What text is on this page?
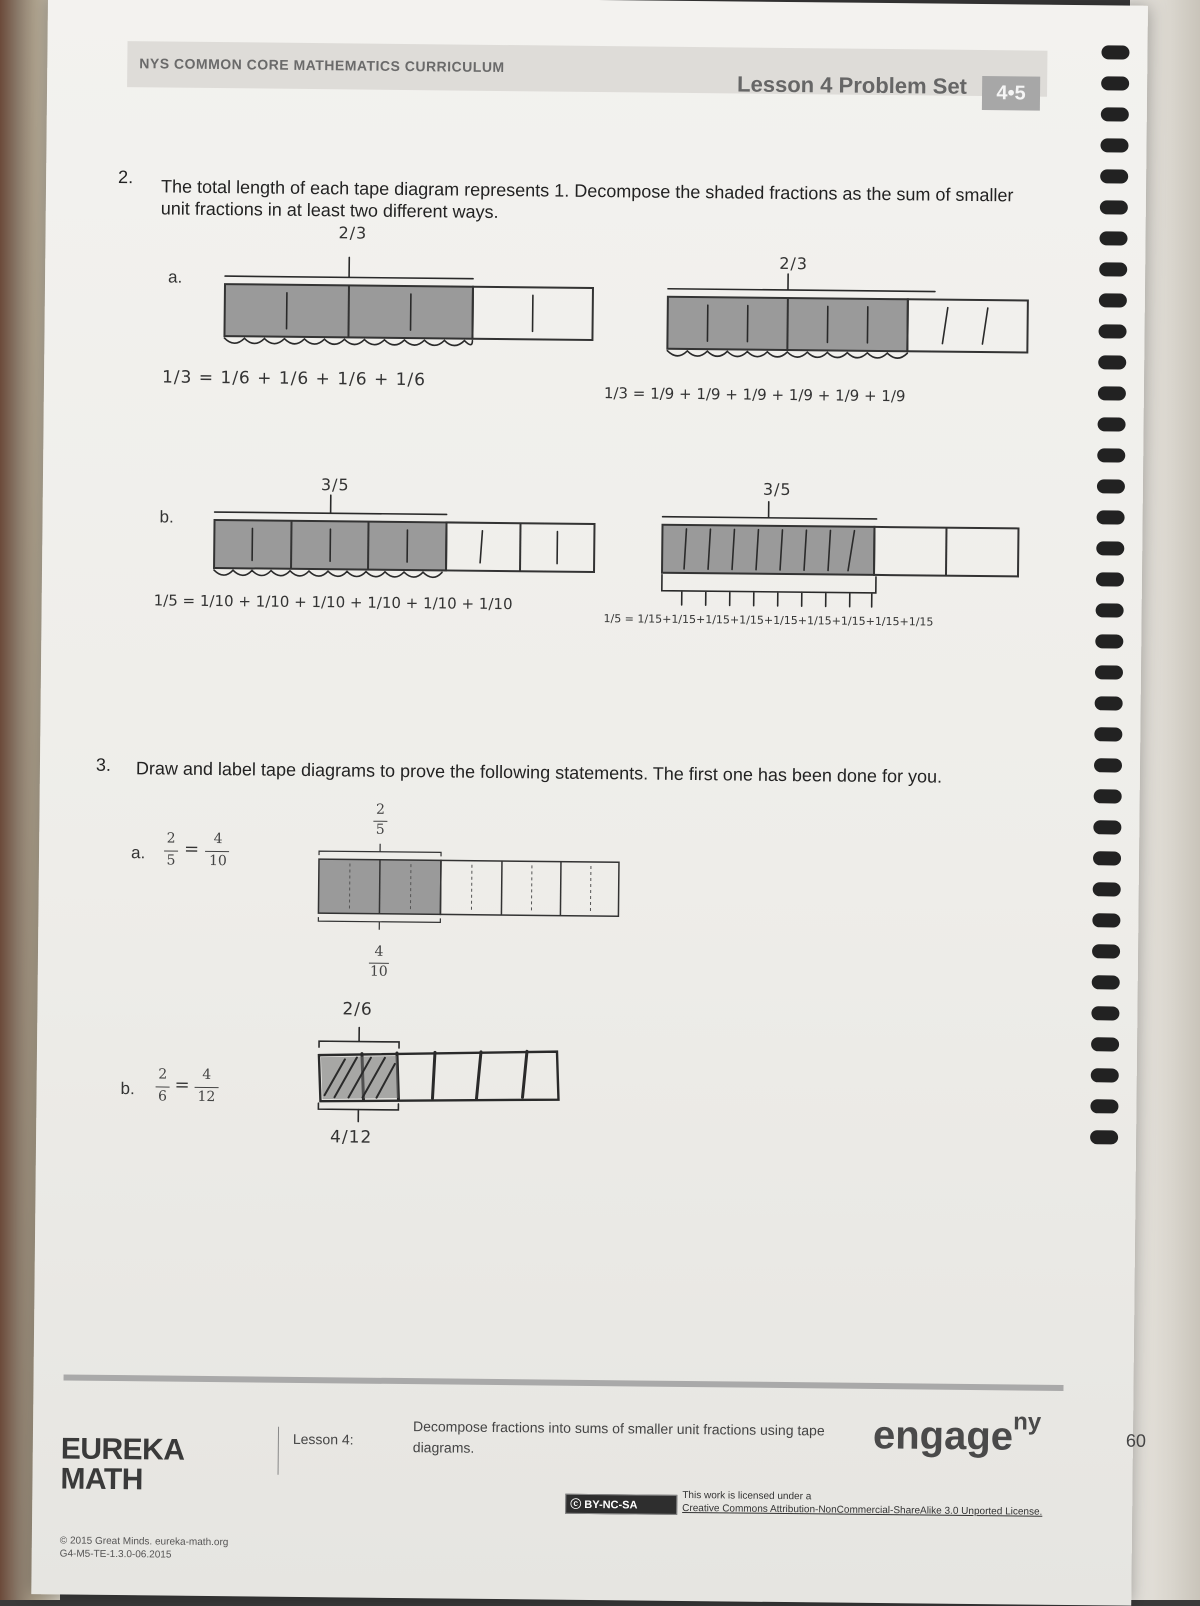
NYS COMMON CORE MATHEMATICS CURRICULUM
Lesson 4 Problem Set	4•5
2. The total length of each tape diagram represents 1. Decompose the shaded fractions as the sum of smaller unit fractions in at least two different ways.
a.
b.
2/3
2/3
3/5	3/5
1/3 = 1/6 + 1/6 + 1/6 + 1/6
1/3 = 1/9 + 1/9 + 1/9 + 1/9 + 1/9 + 1/9
1/5 = 1/10 + 1/10 + 1/10 + 1/10 + 1/10 + 1/10
1/5 = 1/15+1/15+1/15+1/15+1/15+1/15+1/15+1/15+1/15
3. Draw and label tape diagrams to prove the following statements. The first one has been done for you.
a.
2
5
=	4
10
2
5
4
10
b.
2
6
= 4
12
2/6
4/12
EUREKA MATH
Lesson 4:
Decompose fractions into sums of smaller unit fractions using tape diagrams.	engage$^{ny}$
60
ⓒ BY-NC-SA
This work is licensed under a
Creative Commons Attribution-NonCommercial-ShareAlike 3.0 Unported License.
© 2015 Great Minds. eureka-math.org
G4-M5-TE-1.3.0-06.2015
